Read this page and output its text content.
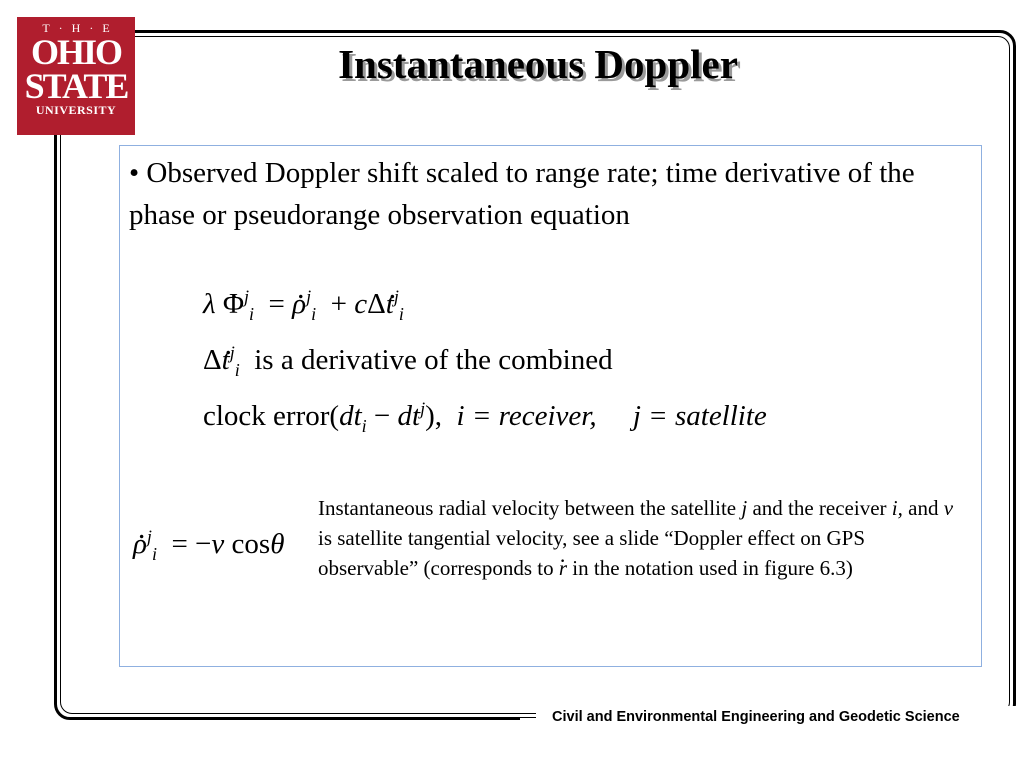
Civil and Environmental Engineering and Geodetic Science
T·H·E
OHIO
STATE
UNIVERSITY
Instantaneous Doppler
• Observed Doppler shift scaled to range rate; time derivative of the phase or pseudorange observation equation
λ . $\Phi^j_i$  = . $\rho^j_i + c\Delta$. $t^j_i$
Δ. $t^j_i$ is a derivative of the combined
clock $error(dt_i - dt^j)$,  i = receiver, j = satellite
. $\rho^j_i = -v$ cosθ
Instantaneous radial velocity between the satellite j and the receiver i, and v is satellite tangential velocity, see a slide “Doppler effect on GPS observable” (corresponds to . r in the notation used in figure 6.3)
